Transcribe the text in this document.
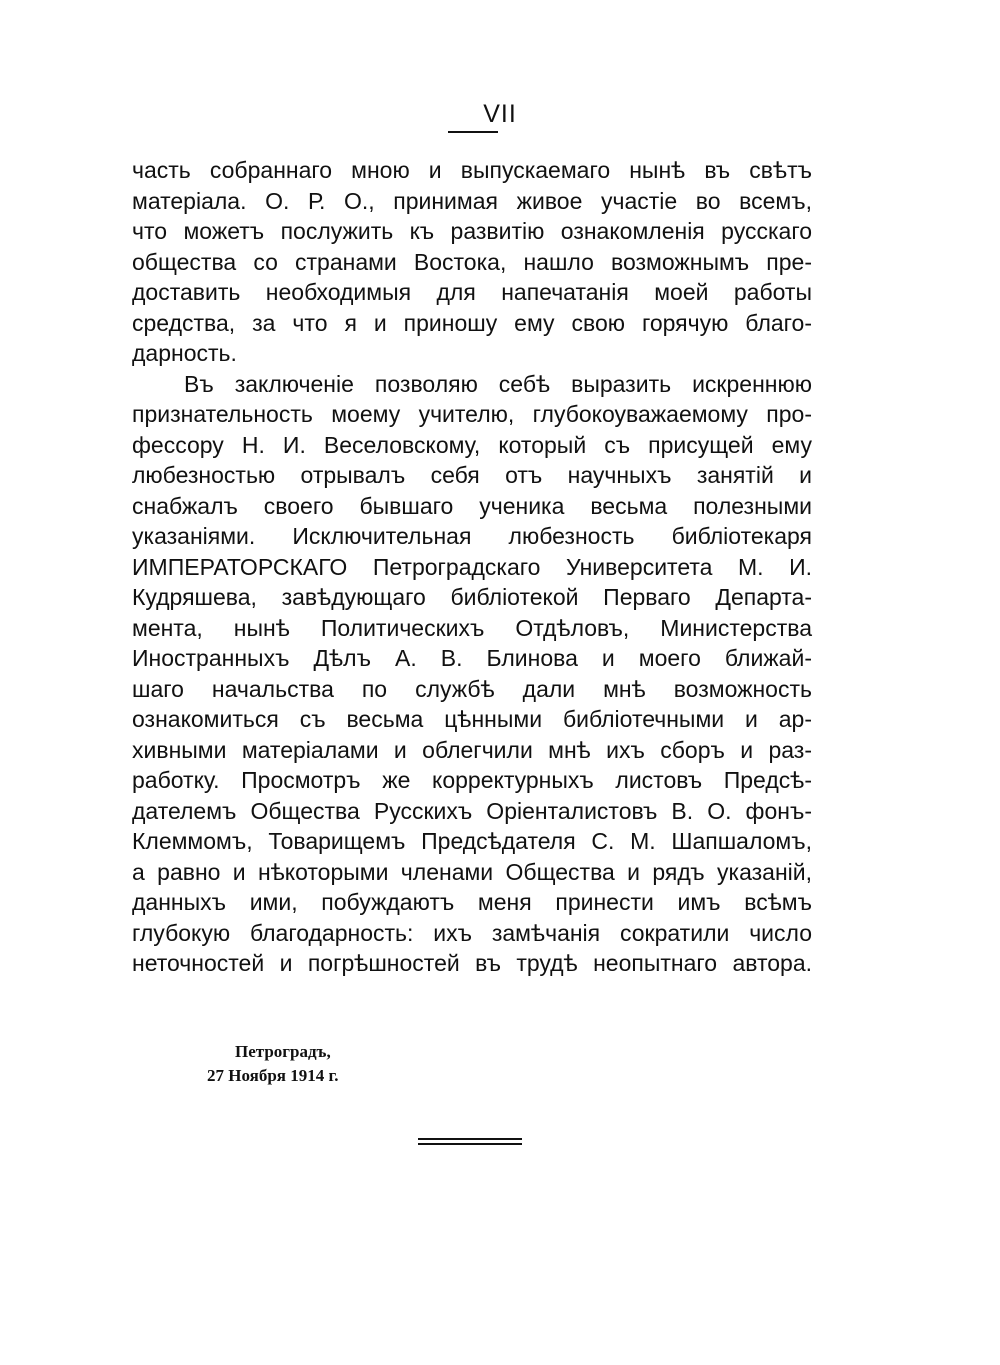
VII
часть собраннаго мною и выпускаемаго нынѣ въ свѣтъ
матеріала. О. Р. О., принимая живое участіе во всемъ,
что можетъ послужить къ развитію ознакомленія русскаго
общества со странами Востока, нашло возможнымъ пре-
доставить необходимыя для напечатанія моей работы
средства, за что я и приношу ему свою горячую благо-
дарность.
Въ заключеніе позволяю себѣ выразить искреннюю
признательность моему учителю, глубокоуважаемому про-
фессору Н. И. Веселовскому, который съ присущей ему
любезностью отрывалъ себя отъ научныхъ занятій и
снабжалъ своего бывшаго ученика весьма полезными
указаніями. Исключительная любезность библіотекаря
ИМПЕРАТОРСКАГО Петроградскаго Университета М. И.
Кудряшева, завѣдующаго библіотекой Перваго Департа-
мента, нынѣ Политическихъ Отдѣловъ, Министерства
Иностранныхъ Дѣлъ А. В. Блинова и моего ближай-
шаго начальства по службѣ дали мнѣ возможность
ознакомиться съ весьма цѣнными библіотечными и ар-
хивными матеріалами и облегчили мнѣ ихъ сборъ и раз-
работку. Просмотръ же корректурныхъ листовъ Предсѣ-
дателемъ Общества Русскихъ Оріенталистовъ В. О. фонъ-
Клеммомъ, Товарищемъ Предсѣдателя С. М. Шапшаломъ,
а равно и нѣкоторыми членами Общества и рядъ указаній,
данныхъ ими, побуждаютъ меня принести имъ всѣмъ
глубокую благодарность: ихъ замѣчанія сократили число
неточностей и погрѣшностей въ трудѣ неопытнаго автора.
Петроградъ,
27 Ноября 1914 г.
